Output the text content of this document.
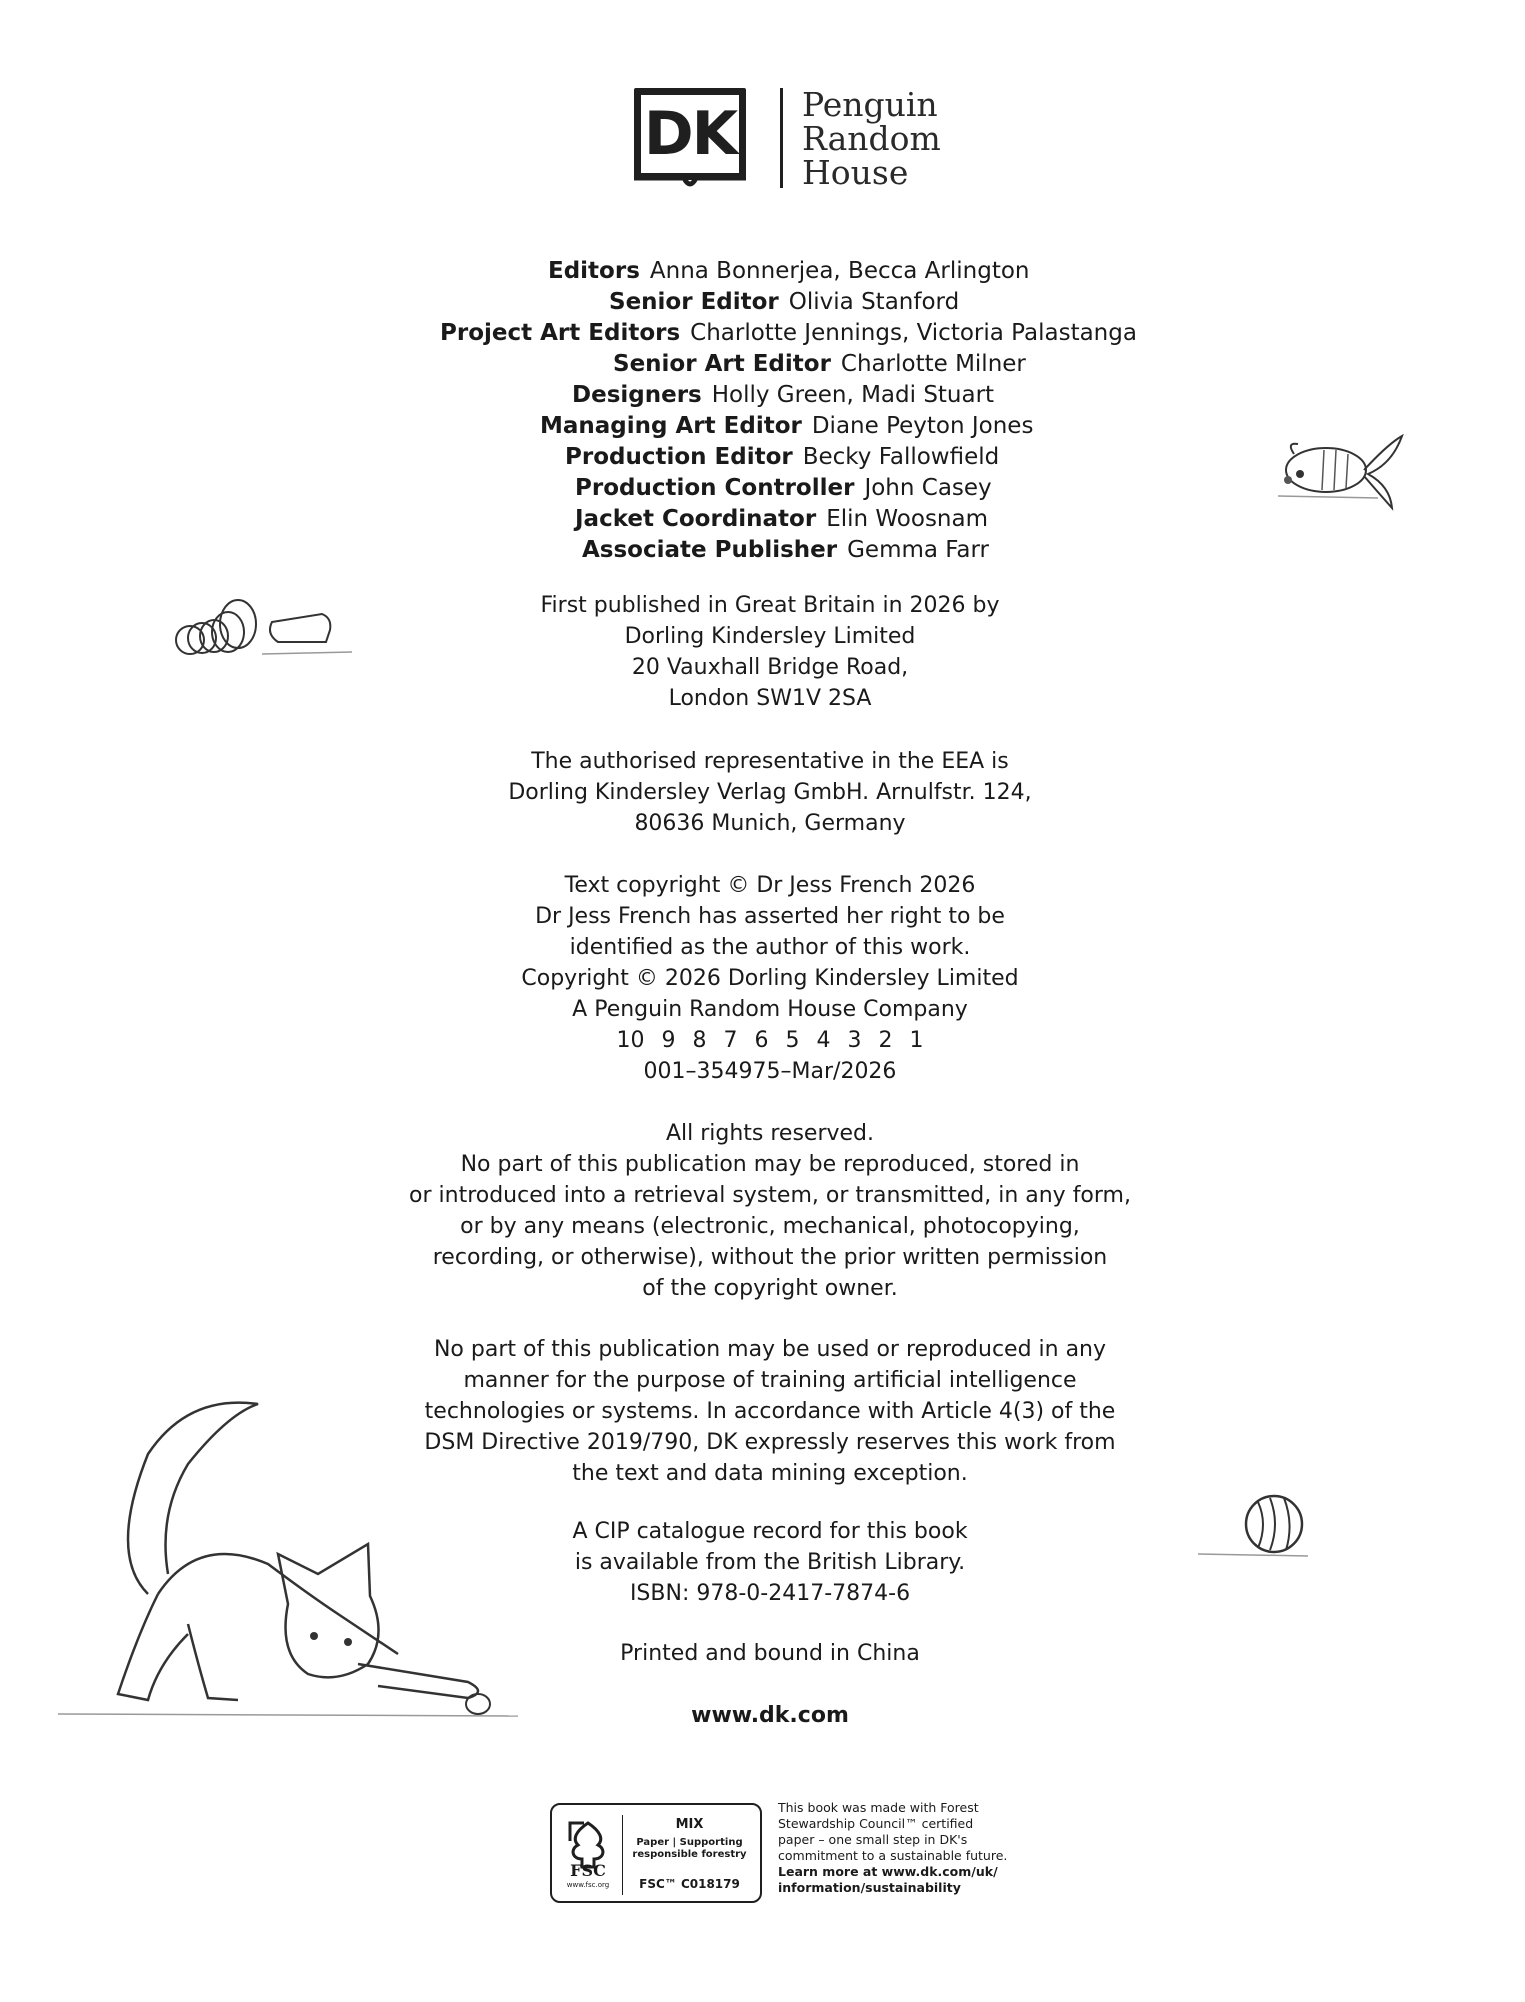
DK Penguin
Random
House
Editors Anna Bonnerjea, Becca Arlington
Senior Editor Olivia Stanford
Project Art Editors Charlotte Jennings, Victoria Palastanga
Senior Art Editor Charlotte Milner
Designers Holly Green, Madi Stuart
Managing Art Editor Diane Peyton Jones
Production Editor Becky Fallowfield
Production Controller John Casey
Jacket Coordinator Elin Woosnam
Associate Publisher Gemma Farr
First published in Great Britain in 2026 by
Dorling Kindersley Limited
20 Vauxhall Bridge Road,
London SW1V 2SA
The authorised representative in the EEA is
Dorling Kindersley Verlag GmbH. Arnulfstr. 124,
80636 Munich, Germany
Text copyright © Dr Jess French 2026
Dr Jess French has asserted her right to be
identified as the author of this work.
Copyright © 2026 Dorling Kindersley Limited
A Penguin Random House Company
10 9 8 7 6 5 4 3 2 1
001–354975–Mar/2026
All rights reserved.
No part of this publication may be reproduced, stored in
or introduced into a retrieval system, or transmitted, in any form,
or by any means (electronic, mechanical, photocopying,
recording, or otherwise), without the prior written permission
of the copyright owner.
No part of this publication may be used or reproduced in any
manner for the purpose of training artificial intelligence
technologies or systems. In accordance with Article 4(3) of the
DSM Directive 2019/790, DK expressly reserves this work from
the text and data mining exception.
A CIP catalogue record for this book
is available from the British Library.
ISBN: 978-0-2417-7874-6
Printed and bound in China
www.dk.com
FSC
www.fsc.org
MIX
Paper | Supporting
responsible forestry
FSC™ C018179
This book was made with Forest
Stewardship Council™ certified
paper – one small step in DK's
commitment to a sustainable future.
Learn more at www.dk.com/uk/
information/sustainability
